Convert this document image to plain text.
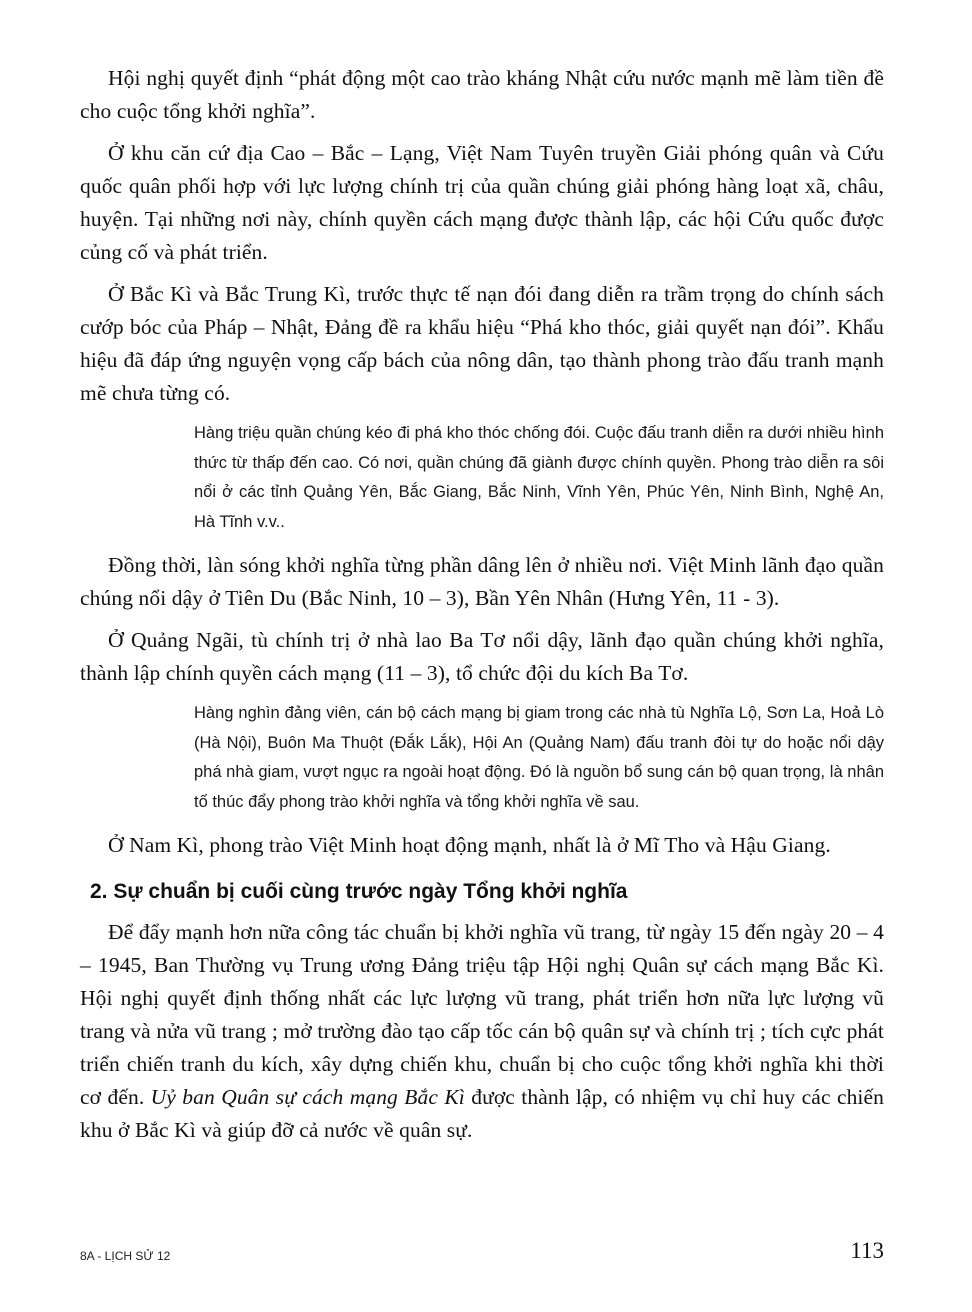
Hội nghị quyết định “phát động một cao trào kháng Nhật cứu nước mạnh mẽ làm tiền đề cho cuộc tổng khởi nghĩa”.

Ở khu căn cứ địa Cao – Bắc – Lạng, Việt Nam Tuyên truyền Giải phóng quân và Cứu quốc quân phối hợp với lực lượng chính trị của quần chúng giải phóng hàng loạt xã, châu, huyện. Tại những nơi này, chính quyền cách mạng được thành lập, các hội Cứu quốc được củng cố và phát triển.

Ở Bắc Kì và Bắc Trung Kì, trước thực tế nạn đói đang diễn ra trầm trọng do chính sách cướp bóc của Pháp – Nhật, Đảng đề ra khẩu hiệu “Phá kho thóc, giải quyết nạn đói”. Khẩu hiệu đã đáp ứng nguyện vọng cấp bách của nông dân, tạo thành phong trào đấu tranh mạnh mẽ chưa từng có.

Hàng triệu quần chúng kéo đi phá kho thóc chống đói. Cuộc đấu tranh diễn ra dưới nhiều hình thức từ thấp đến cao. Có nơi, quần chúng đã giành được chính quyền. Phong trào diễn ra sôi nổi ở các tỉnh Quảng Yên, Bắc Giang, Bắc Ninh, Vĩnh Yên, Phúc Yên, Ninh Bình, Nghệ An, Hà Tĩnh v.v..

Đồng thời, làn sóng khởi nghĩa từng phần dâng lên ở nhiều nơi. Việt Minh lãnh đạo quần chúng nổi dậy ở Tiên Du (Bắc Ninh, 10 – 3), Bần Yên Nhân (Hưng Yên, 11 - 3).

Ở Quảng Ngãi, tù chính trị ở nhà lao Ba Tơ nổi dậy, lãnh đạo quần chúng khởi nghĩa, thành lập chính quyền cách mạng (11 – 3), tổ chức đội du kích Ba Tơ.

Hàng nghìn đảng viên, cán bộ cách mạng bị giam trong các nhà tù Nghĩa Lộ, Sơn La, Hoả Lò (Hà Nội), Buôn Ma Thuột (Đắk Lắk), Hội An (Quảng Nam) đấu tranh đòi tự do hoặc nổi dậy phá nhà giam, vượt ngục ra ngoài hoạt động. Đó là nguồn bổ sung cán bộ quan trọng, là nhân tố thúc đẩy phong trào khởi nghĩa và tổng khởi nghĩa về sau.

Ở Nam Kì, phong trào Việt Minh hoạt động mạnh, nhất là ở Mĩ Tho và Hậu Giang.

2. Sự chuẩn bị cuối cùng trước ngày Tổng khởi nghĩa

Để đẩy mạnh hơn nữa công tác chuẩn bị khởi nghĩa vũ trang, từ ngày 15 đến ngày 20 – 4 – 1945, Ban Thường vụ Trung ương Đảng triệu tập Hội nghị Quân sự cách mạng Bắc Kì. Hội nghị quyết định thống nhất các lực lượng vũ trang, phát triển hơn nữa lực lượng vũ trang và nửa vũ trang ; mở trường đào tạo cấp tốc cán bộ quân sự và chính trị ; tích cực phát triển chiến tranh du kích, xây dựng chiến khu, chuẩn bị cho cuộc tổng khởi nghĩa khi thời cơ đến. Uỷ ban Quân sự cách mạng Bắc Kì được thành lập, có nhiệm vụ chỉ huy các chiến khu ở Bắc Kì và giúp đỡ cả nước về quân sự.

8A - LỊCH SỬ 12	113
